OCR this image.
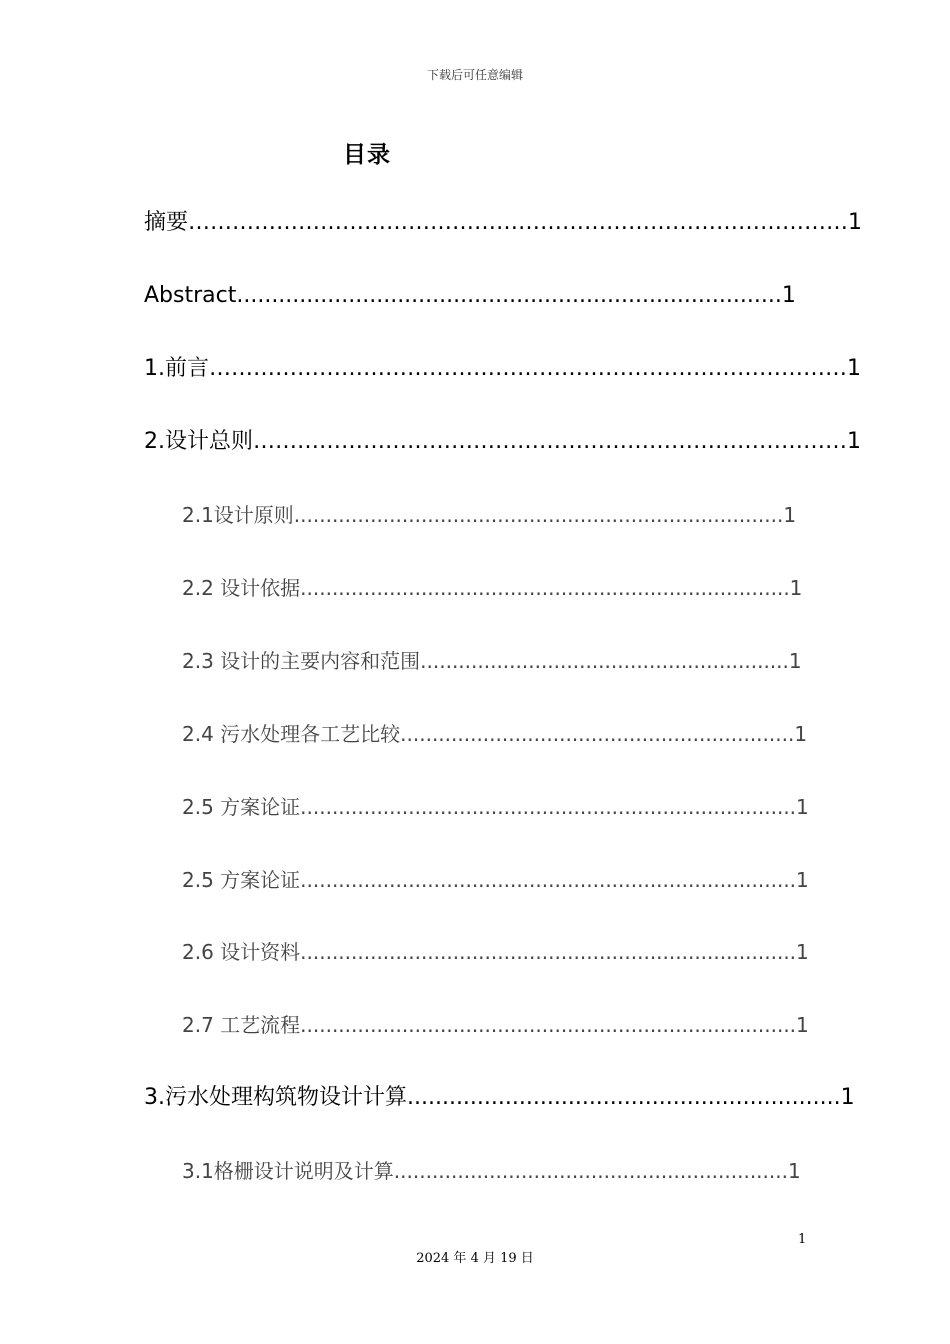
下载后可任意编辑
目录
摘要………………………………………………………………………………1
Abstract..............................................................................1
1.前言……………………………………………………………………………1
2.设计总则………………………………………………………………………1
2.1设计原则.............................................................................1
2.2 设计依据.............................................................................1
2.3 设计的主要内容和范围..........................................................1
2.4 污水处理各工艺比较..............................................................1
2.5 方案论证..............................................................................1
2.5 方案论证..............................................................................1
2.6 设计资料..............................................................................1
2.7 工艺流程..............................................................................1
3.污水处理构筑物设计计算..............................................................1
3.1格栅设计说明及计算..............................................................1
1
2024 年 4 月 19 日
